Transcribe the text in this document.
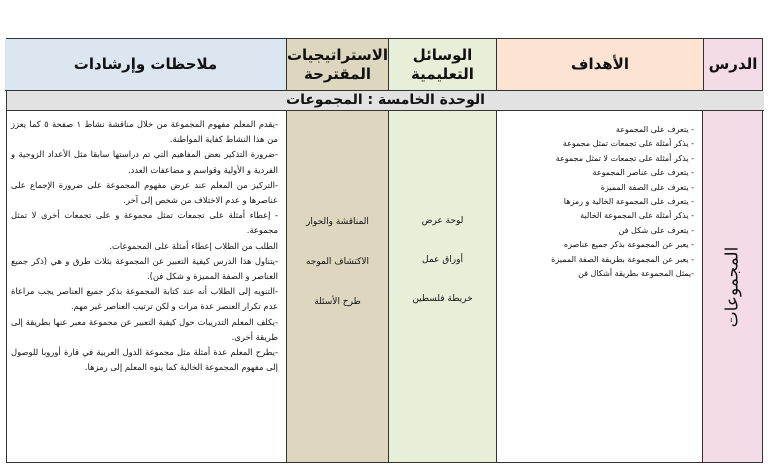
الدرس
الأهداف
الوسائل التعليمية
الاستراتيجيات المقترحة
ملاحظات وإرشادات
الوحدة الخامسة : المجموعات
المجموعات
- يتعرف على المجموعة
- يذكر أمثلة على تجمعات تمثل مجموعة
- يذكر أمثلة على تجمعات لا تمثل مجموعة
- يتعرف على عناصر المجموعة
- يتعرف على الصفة المميزة
- يتعرف على المجموعة الخالية و رمزها
- يذكر أمثلة على المجموعة الخالية
- يتعرف على شكل فن
- يعبر عن المجموعة بذكر جميع عناصره
- يعبر عن المجموعة بطريقة الصفة المميزة
-يمثل المجموعة بطريقة أشكال فن
لوحة عرض
أوراق عمل
خريطة فلسطين
المناقشة والحوار
الاكتشاف الموجه
طرح الأسئلة
-يقدم المعلم مفهوم المجموعة من خلال مناقشة نشاط ١ صفحة ٥ كما يعزز من هذا النشاط كفاية المواطنة.
-ضرورة التذكير بعض المفاهيم التي تم دراستها سابقا مثل الأعداد الزوجية و الفردية و الأولية وقواسم و مضاعفات العدد.
-التركيز من المعلم عند عرض مفهوم المجموعة على ضرورة الإجماع على عناصرها و عدم الاختلاف من شخص إلى آخر.
- إعطاء أمثلة على تجمعات تمثل مجموعة و على تجمعات أخرى لا تمثل مجموعة.
الطلب من الطلاب إعطاء أمثلة على المجموعات.
-يتناول هذا الدرس كيفية التعبير عن المجموعة بثلاث طرق و هي (ذكر جميع العناصر و الصفة المميزة و شكل فن).
-التنويه إلى الطلاب أنه عند كتابة المجموعة بذكر جميع العناصر يجب مراعاة عدم تكرار العنصر عدة مرات و لكن ترتيب العناصر غير مهم.
-يكلف المعلم التدريبات حول كيفية التعبير عن مجموعة معبر عنها بطريقة إلى طريقة أخرى.
-يطرح المعلم عدة أمثلة مثل مجموعة الدول العربية في قارة أوروبا للوصول إلى مفهوم المجموعة الخالية كما ينوه المعلم إلى رمزها.
